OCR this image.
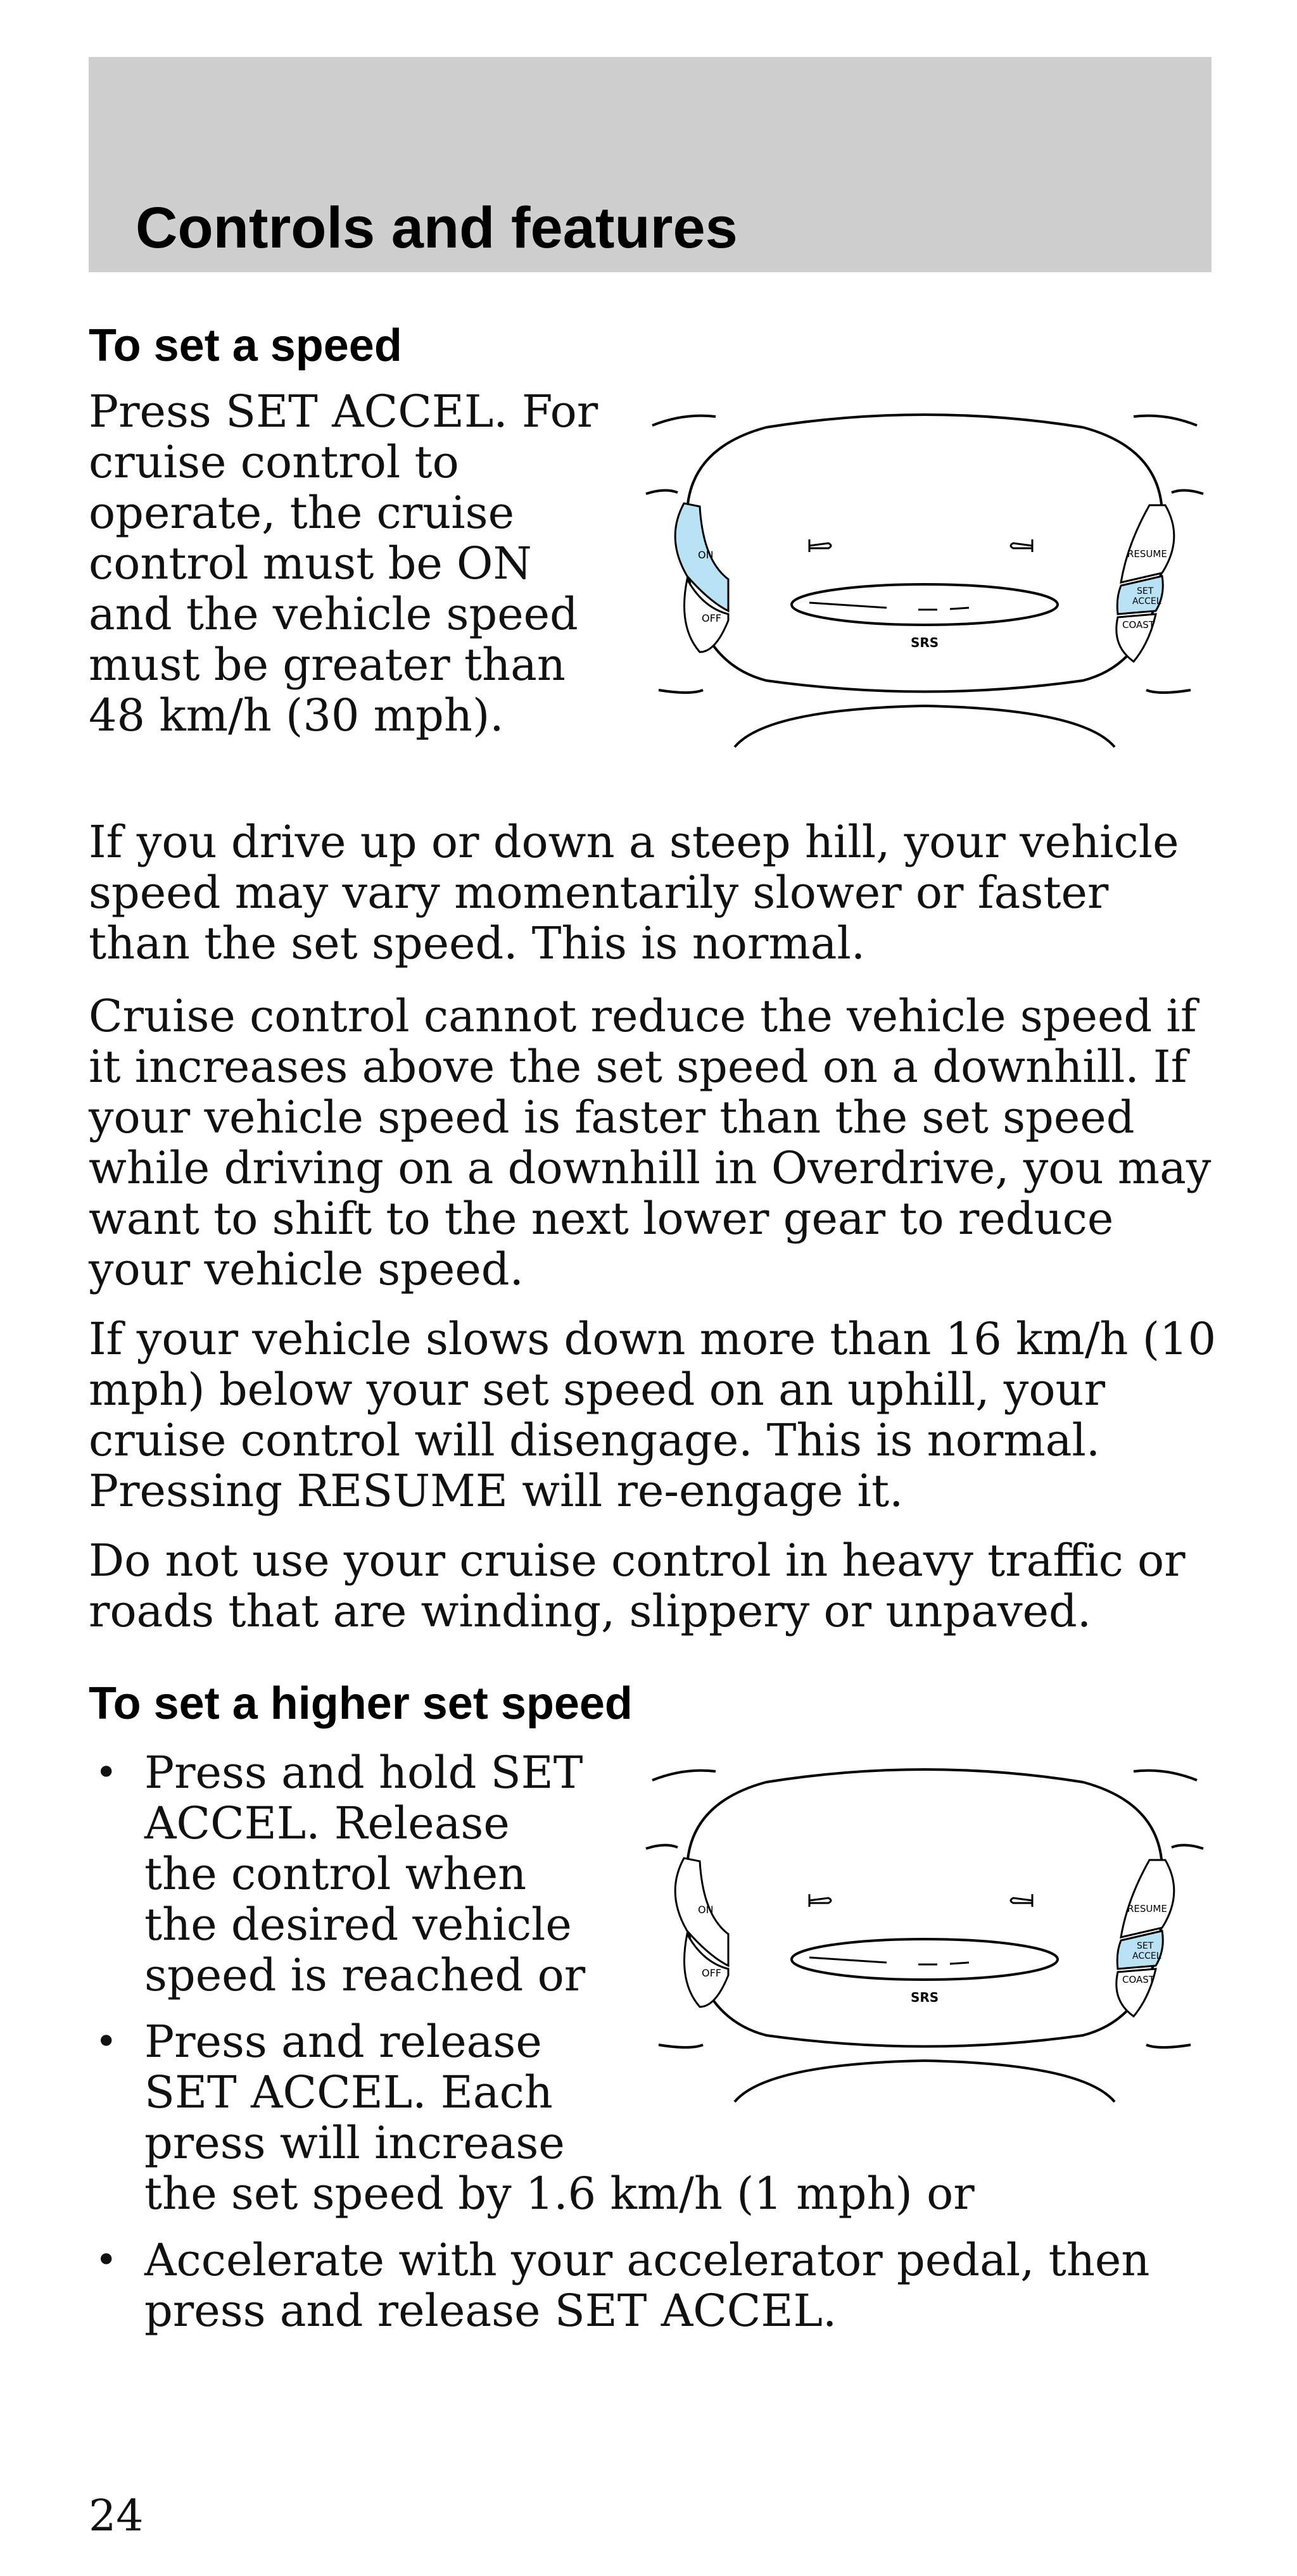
Controls and features
To set a speed

Press SET ACCEL. For cruise control to operate, the cruise control must be ON and the vehicle speed must be greater than 48 km/h (30 mph).

ON
OFF
RESUME
SET
ACCEL
COAST
SRS

If you drive up or down a steep hill, your vehicle speed may vary momentarily slower or faster than the set speed. This is normal.

Cruise control cannot reduce the vehicle speed if it increases above the set speed on a downhill. If your vehicle speed is faster than the set speed while driving on a downhill in Overdrive, you may want to shift to the next lower gear to reduce your vehicle speed.

If your vehicle slows down more than 16 km/h (10 mph) below your set speed on an uphill, your cruise control will disengage. This is normal. Pressing RESUME will re-engage it.

Do not use your cruise control in heavy traffic or roads that are winding, slippery or unpaved.

To set a higher set speed
• Press and hold SET ACCEL. Release the control when the desired vehicle speed is reached or

• Press and release SET ACCEL. Each press will increase

the set speed by 1.6 km/h (1 mph) or

• Accelerate with your accelerator pedal, then press and release SET ACCEL.

ON
OFF
RESUME
SET
ACCEL
COAST
SRS

24
